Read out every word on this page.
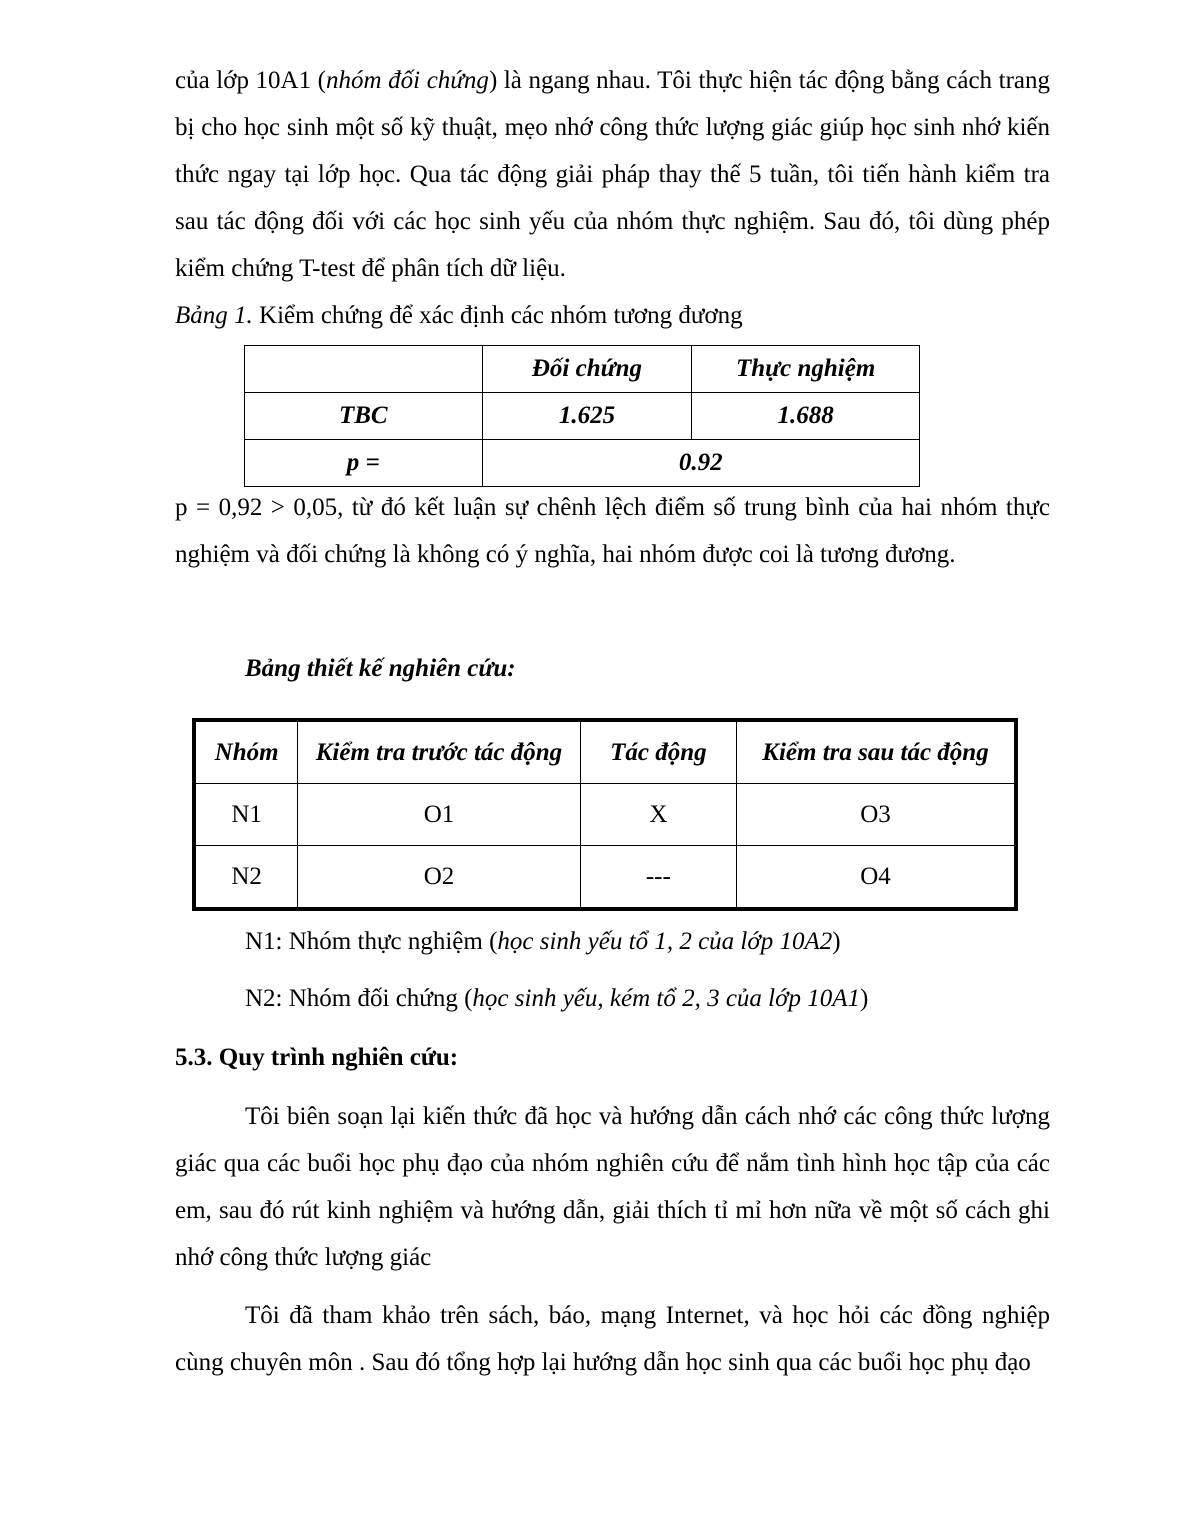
của lớp 10A1 (nhóm đối chứng) là ngang nhau. Tôi thực hiện tác động bằng cách trang bị cho học sinh một số kỹ thuật, mẹo nhớ công thức lượng giác giúp học sinh nhớ kiến thức ngay tại lớp học. Qua tác động giải pháp thay thế 5 tuần, tôi tiến hành kiểm tra sau tác động đối với các học sinh yếu của nhóm thực nghiệm. Sau đó, tôi dùng phép kiểm chứng T-test để phân tích dữ liệu.

Bảng 1. Kiểm chứng để xác định các nhóm tương đương
	Đối chứng	Thực nghiệm
TBC	1.625	1.688
p =	0.92	

p = 0,92 > 0,05, từ đó kết luận sự chênh lệch điểm số trung bình của hai nhóm thực nghiệm và đối chứng là không có ý nghĩa, hai nhóm được coi là tương đương.

Bảng thiết kế nghiên cứu:
Nhóm	Kiểm tra trước tác động	Tác động	Kiểm tra sau tác động
N1	O1	X	O3
N2	O2	---	O4
N1: Nhóm thực nghiệm (học sinh yếu tổ 1, 2 của lớp 10A2)
N2: Nhóm đối chứng (học sinh yếu, kém tổ 2, 3 của lớp 10A1)
5.3. Quy trình nghiên cứu:

Tôi biên soạn lại kiến thức đã học và hướng dẫn cách nhớ các công thức lượng giác qua các buổi học phụ đạo của nhóm nghiên cứu để nắm tình hình học tập của các em, sau đó rút kinh nghiệm và hướng dẫn, giải thích tỉ mỉ hơn nữa về một số cách ghi nhớ công thức lượng giác

Tôi đã tham khảo trên sách, báo, mạng Internet, và học hỏi các đồng nghiệp cùng chuyên môn . Sau đó tổng hợp lại hướng dẫn học sinh qua các buổi học phụ đạo
